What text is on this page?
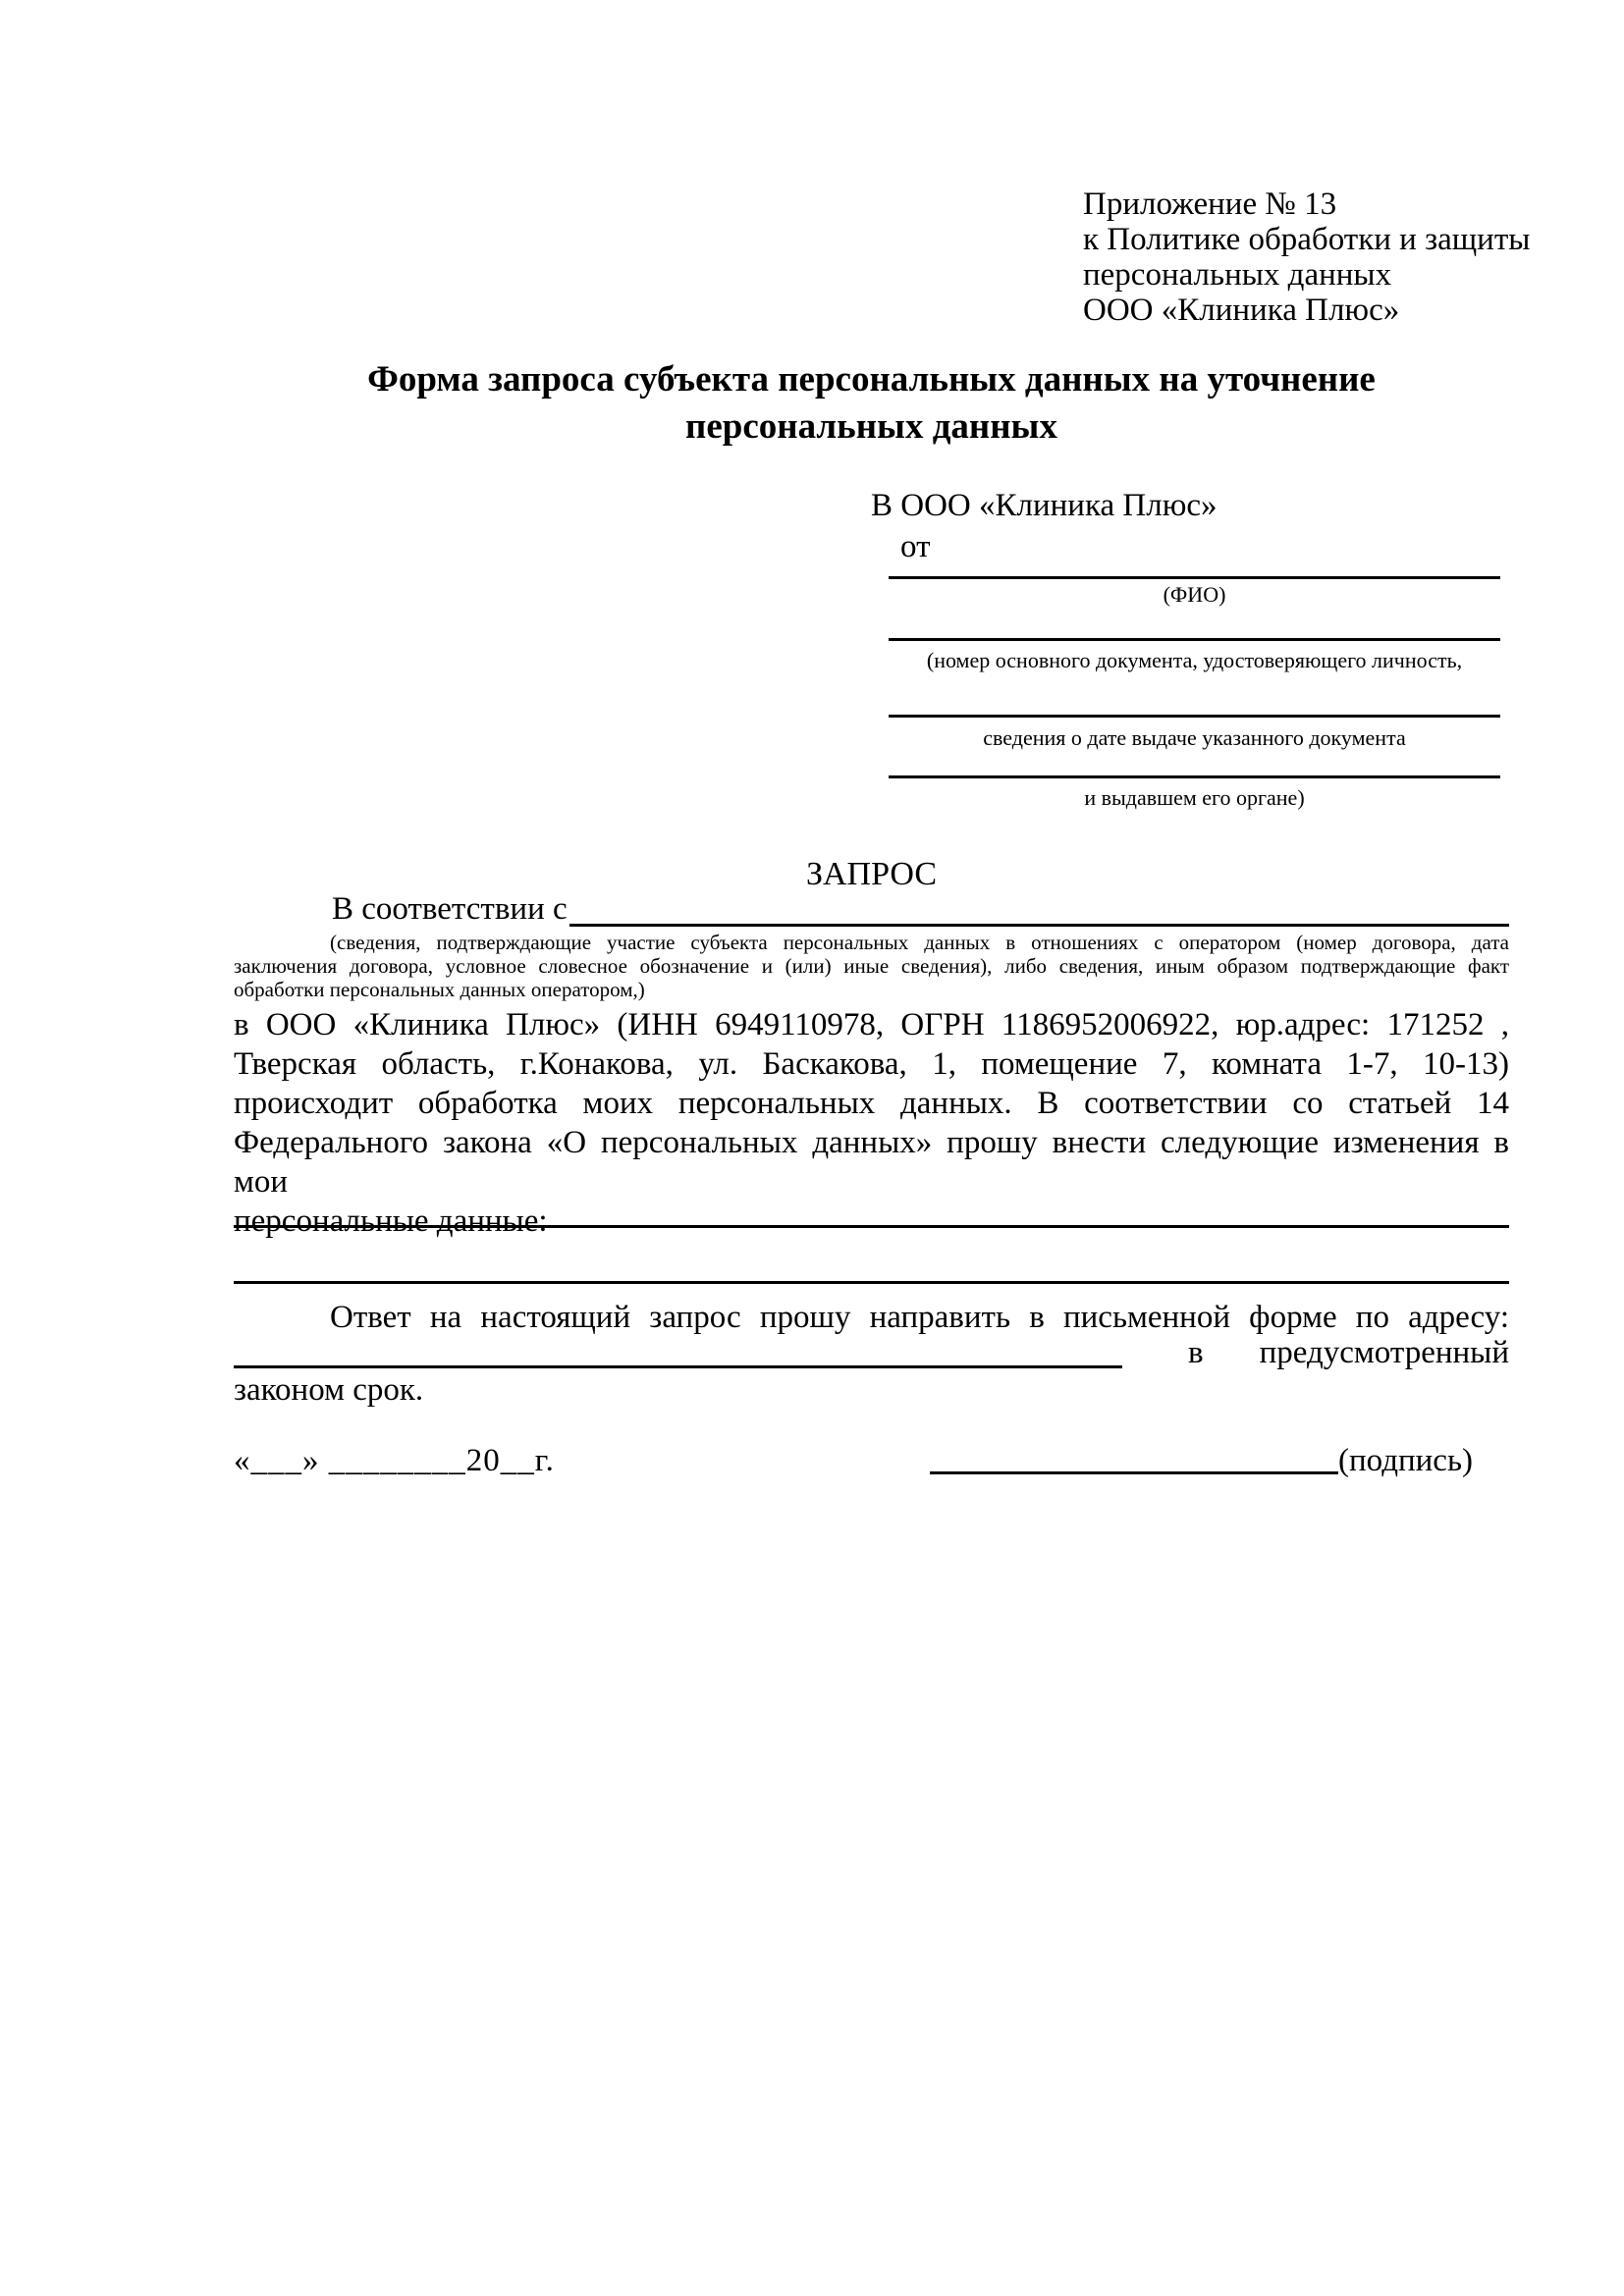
Приложение № 13
к Политике обработки и защиты
персональных данных
ООО «Клиника Плюс»
Форма запроса субъекта персональных данных на уточнение
персональных данных
В ООО «Клиника Плюс»
от
(ФИО)
(номер основного документа, удостоверяющего личность,
сведения о дате выдаче указанного документа
и выдавшем его органе)
ЗАПРОС
В соответствии с
(сведения, подтверждающие участие субъекта персональных данных в отношениях с оператором (номер договора, дата
заключения договора, условное словесное обозначение и (или) иные сведения), либо сведения, иным образом подтверждающие факт
обработки персональных данных оператором,)
в ООО «Клиника Плюс» (ИНН 6949110978, ОГРН 1186952006922, юр.адрес: 171252 ,
Тверская область, г.Конакова, ул. Баскакова, 1, помещение 7, комната 1-7, 10-13)
происходит обработка моих персональных данных. В соответствии со статьей 14
Федерального закона «О персональных данных» прошу внести следующие изменения в мои
персональные данные:
Ответ на настоящий запрос прошу направить в письменной форме по адресу:
в	предусмотренный
законом срок.
«___» ________20__г.	(подпись)
